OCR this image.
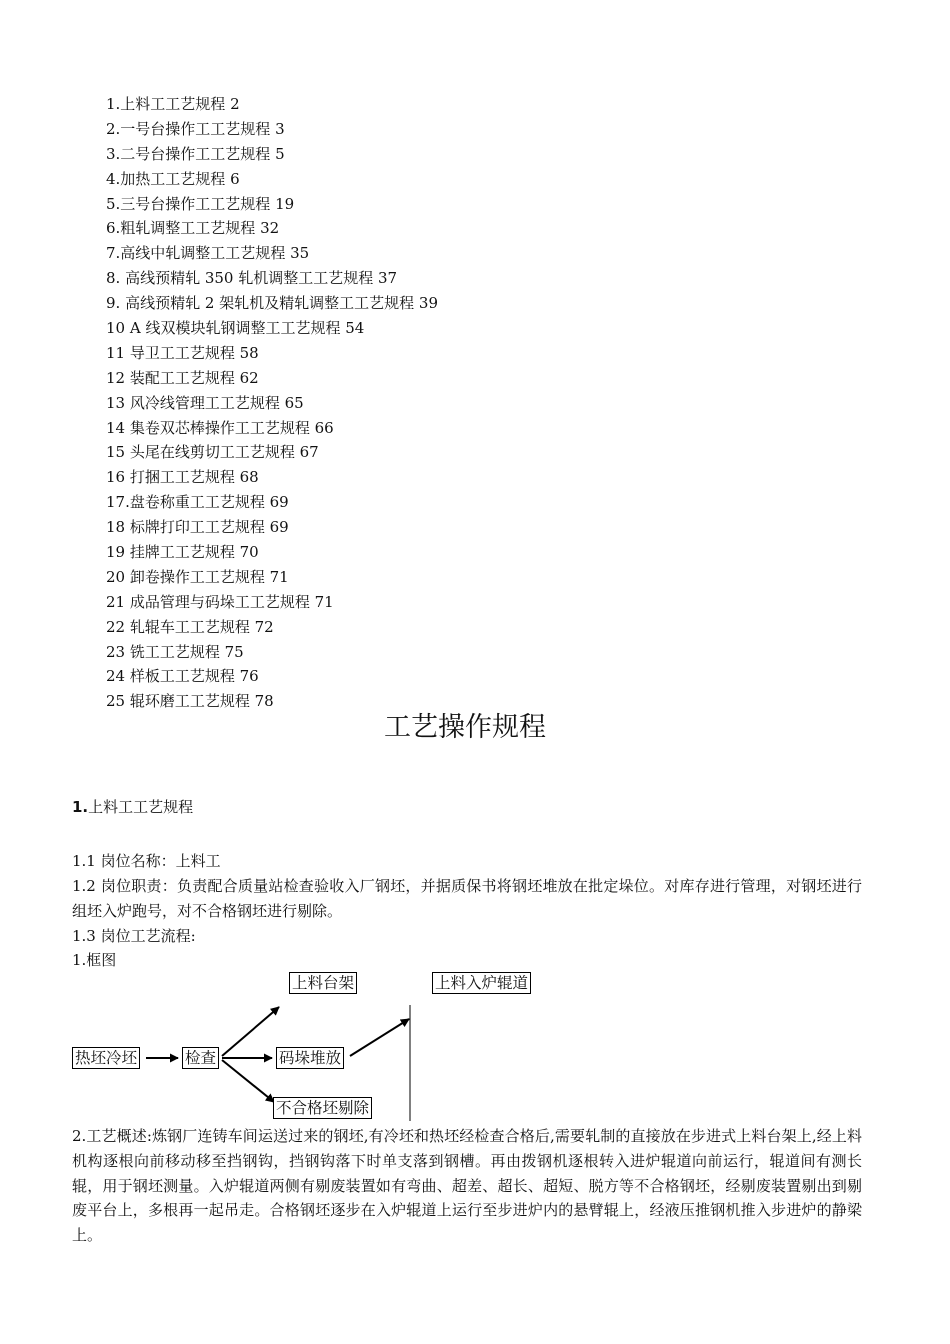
1.上料工工艺规程 2
2.一号台操作工工艺规程 3
3.二号台操作工工艺规程 5
4.加热工工艺规程 6
5.三号台操作工工艺规程 19
6.粗轧调整工工艺规程 32
7.高线中轧调整工工艺规程 35
8. 高线预精轧 350 轧机调整工工艺规程 37
9. 高线预精轧 2 架轧机及精轧调整工工艺规程 39
10 A 线双模块轧钢调整工工艺规程 54
11 导卫工工艺规程 58
12 装配工工艺规程 62
13 风冷线管理工工艺规程 65
14 集卷双芯棒操作工工艺规程 66
15 头尾在线剪切工工艺规程 67
16 打捆工工艺规程 68
17.盘卷称重工工艺规程 69
18 标牌打印工工艺规程 69
19 挂牌工工艺规程 70
20 卸卷操作工工艺规程 71
21 成品管理与码垛工工艺规程 71
22 轧辊车工工艺规程 72
23 铣工工艺规程 75
24 样板工工艺规程 76
25 辊环磨工工艺规程 78
工艺操作规程
1.上料工工艺规程
1.1 岗位名称：上料工
1.2 岗位职责：负责配合质量站检查验收入厂钢坯，并据质保书将钢坯堆放在批定垛位。对库存进行管理，对钢坯进行组坯入炉跑号，对不合格钢坯进行剔除。
1.3 岗位工艺流程:
1.框图
热坯冷坯	检查
上料台架
码垛堆放
不合格坯剔除
上料入炉辊道
2.工艺概述:炼钢厂连铸车间运送过来的钢坯,有冷坯和热坯经检查合格后,需要轧制的直接放在步进式上料台架上,经上料机构逐根向前移动移至挡钢钩，挡钢钩落下时单支落到钢槽。再由拨钢机逐根转入进炉辊道向前运行，辊道间有测长辊，用于钢坯测量。入炉辊道两侧有剔废装置如有弯曲、超差、超长、超短、脱方等不合格钢坯，经剔废装置剔出到剔废平台上，多根再一起吊走。合格钢坯逐步在入炉辊道上运行至步进炉内的悬臂辊上，经液压推钢机推入步进炉的静梁上。
